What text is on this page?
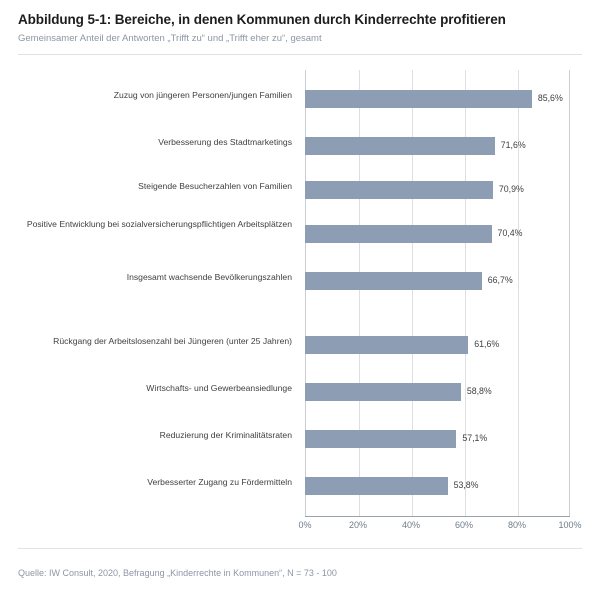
Abbildung 5-1: Bereiche, in denen Kommunen durch Kinderrechte profitieren
Gemeinsamer Anteil der Antworten „Trifft zu“ und „Trifft eher zu“, gesamt
Zuzug von jüngeren Personen/jungen Familien
Verbesserung des Stadtmarketings
Steigende Besucherzahlen von Familien
Positive Entwicklung bei sozialversicherungspflichtigen Arbeitsplätzen
Insgesamt wachsende Bevölkerungszahlen
Rückgang der Arbeitslosenzahl bei Jüngeren (unter 25 Jahren)
Wirtschafts- und Gewerbeansiedlunge
Reduzierung der Kriminalitätsraten
Verbesserter Zugang zu Fördermitteln
85,6%
71,6%
70,9%
70,4%
66,7%
61,6%
58,8%
57,1%
53,8%
0%	20%	40%	60%	80%	100%
Quelle: IW Consult, 2020, Befragung „Kinderrechte in Kommunen“, N = 73 - 100
